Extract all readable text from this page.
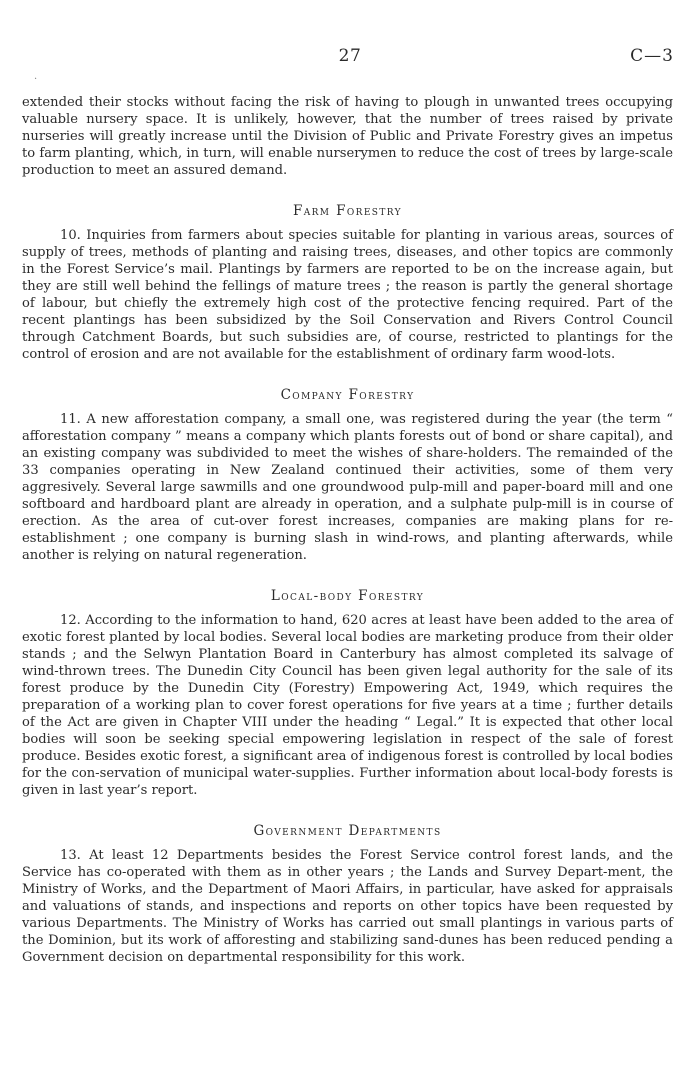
27	C—3
·

extended their stocks without facing the risk of having to plough in unwanted trees occupying valuable nursery space. It is unlikely, however, that the number of trees raised by private nurseries will greatly increase until the Division of Public and Private Forestry gives an impetus to farm planting, which, in turn, will enable nurserymen to reduce the cost of trees by large-scale production to meet an assured demand.

Farm Forestry

10. Inquiries from farmers about species suitable for planting in various areas, sources of supply of trees, methods of planting and raising trees, diseases, and other topics are commonly in the Forest Service’s mail. Plantings by farmers are reported to be on the increase again, but they are still well behind the fellings of mature trees ; the reason is partly the general shortage of labour, but chiefly the extremely high cost of the protective fencing required. Part of the recent plantings has been subsidized by the Soil Conservation and Rivers Control Council through Catchment Boards, but such subsidies are, of course, restricted to plantings for the control of erosion and are not available for the establishment of ordinary farm wood-lots.

Company Forestry

11. A new afforestation company, a small one, was registered during the year (the term “ afforestation company ” means a company which plants forests out of bond or share capital), and an existing company was subdivided to meet the wishes of share-holders. The remainded of the 33 companies operating in New Zealand continued their activities, some of them very aggresively. Several large sawmills and one groundwood pulp-mill and paper-board mill and one softboard and hardboard plant are already in operation, and a sulphate pulp-mill is in course of erection. As the area of cut-over forest increases, companies are making plans for re-establishment ; one company is burning slash in wind-rows, and planting afterwards, while another is relying on natural regeneration.

Local-body Forestry

12. According to the information to hand, 620 acres at least have been added to the area of exotic forest planted by local bodies. Several local bodies are marketing produce from their older stands ; and the Selwyn Plantation Board in Canterbury has almost completed its salvage of wind-thrown trees. The Dunedin City Council has been given legal authority for the sale of its forest produce by the Dunedin City (Forestry) Empowering Act, 1949, which requires the preparation of a working plan to cover forest operations for five years at a time ; further details of the Act are given in Chapter VIII under the heading “ Legal.” It is expected that other local bodies will soon be seeking special empowering legislation in respect of the sale of forest produce. Besides exotic forest, a significant area of indigenous forest is controlled by local bodies for the con-servation of municipal water-supplies. Further information about local-body forests is given in last year’s report.

Government Departments

13. At least 12 Departments besides the Forest Service control forest lands, and the Service has co-operated with them as in other years ; the Lands and Survey Depart-ment, the Ministry of Works, and the Department of Maori Affairs, in particular, have asked for appraisals and valuations of stands, and inspections and reports on other topics have been requested by various Departments. The Ministry of Works has carried out small plantings in various parts of the Dominion, but its work of afforesting and stabilizing sand-dunes has been reduced pending a Government decision on departmental responsibility for this work.
